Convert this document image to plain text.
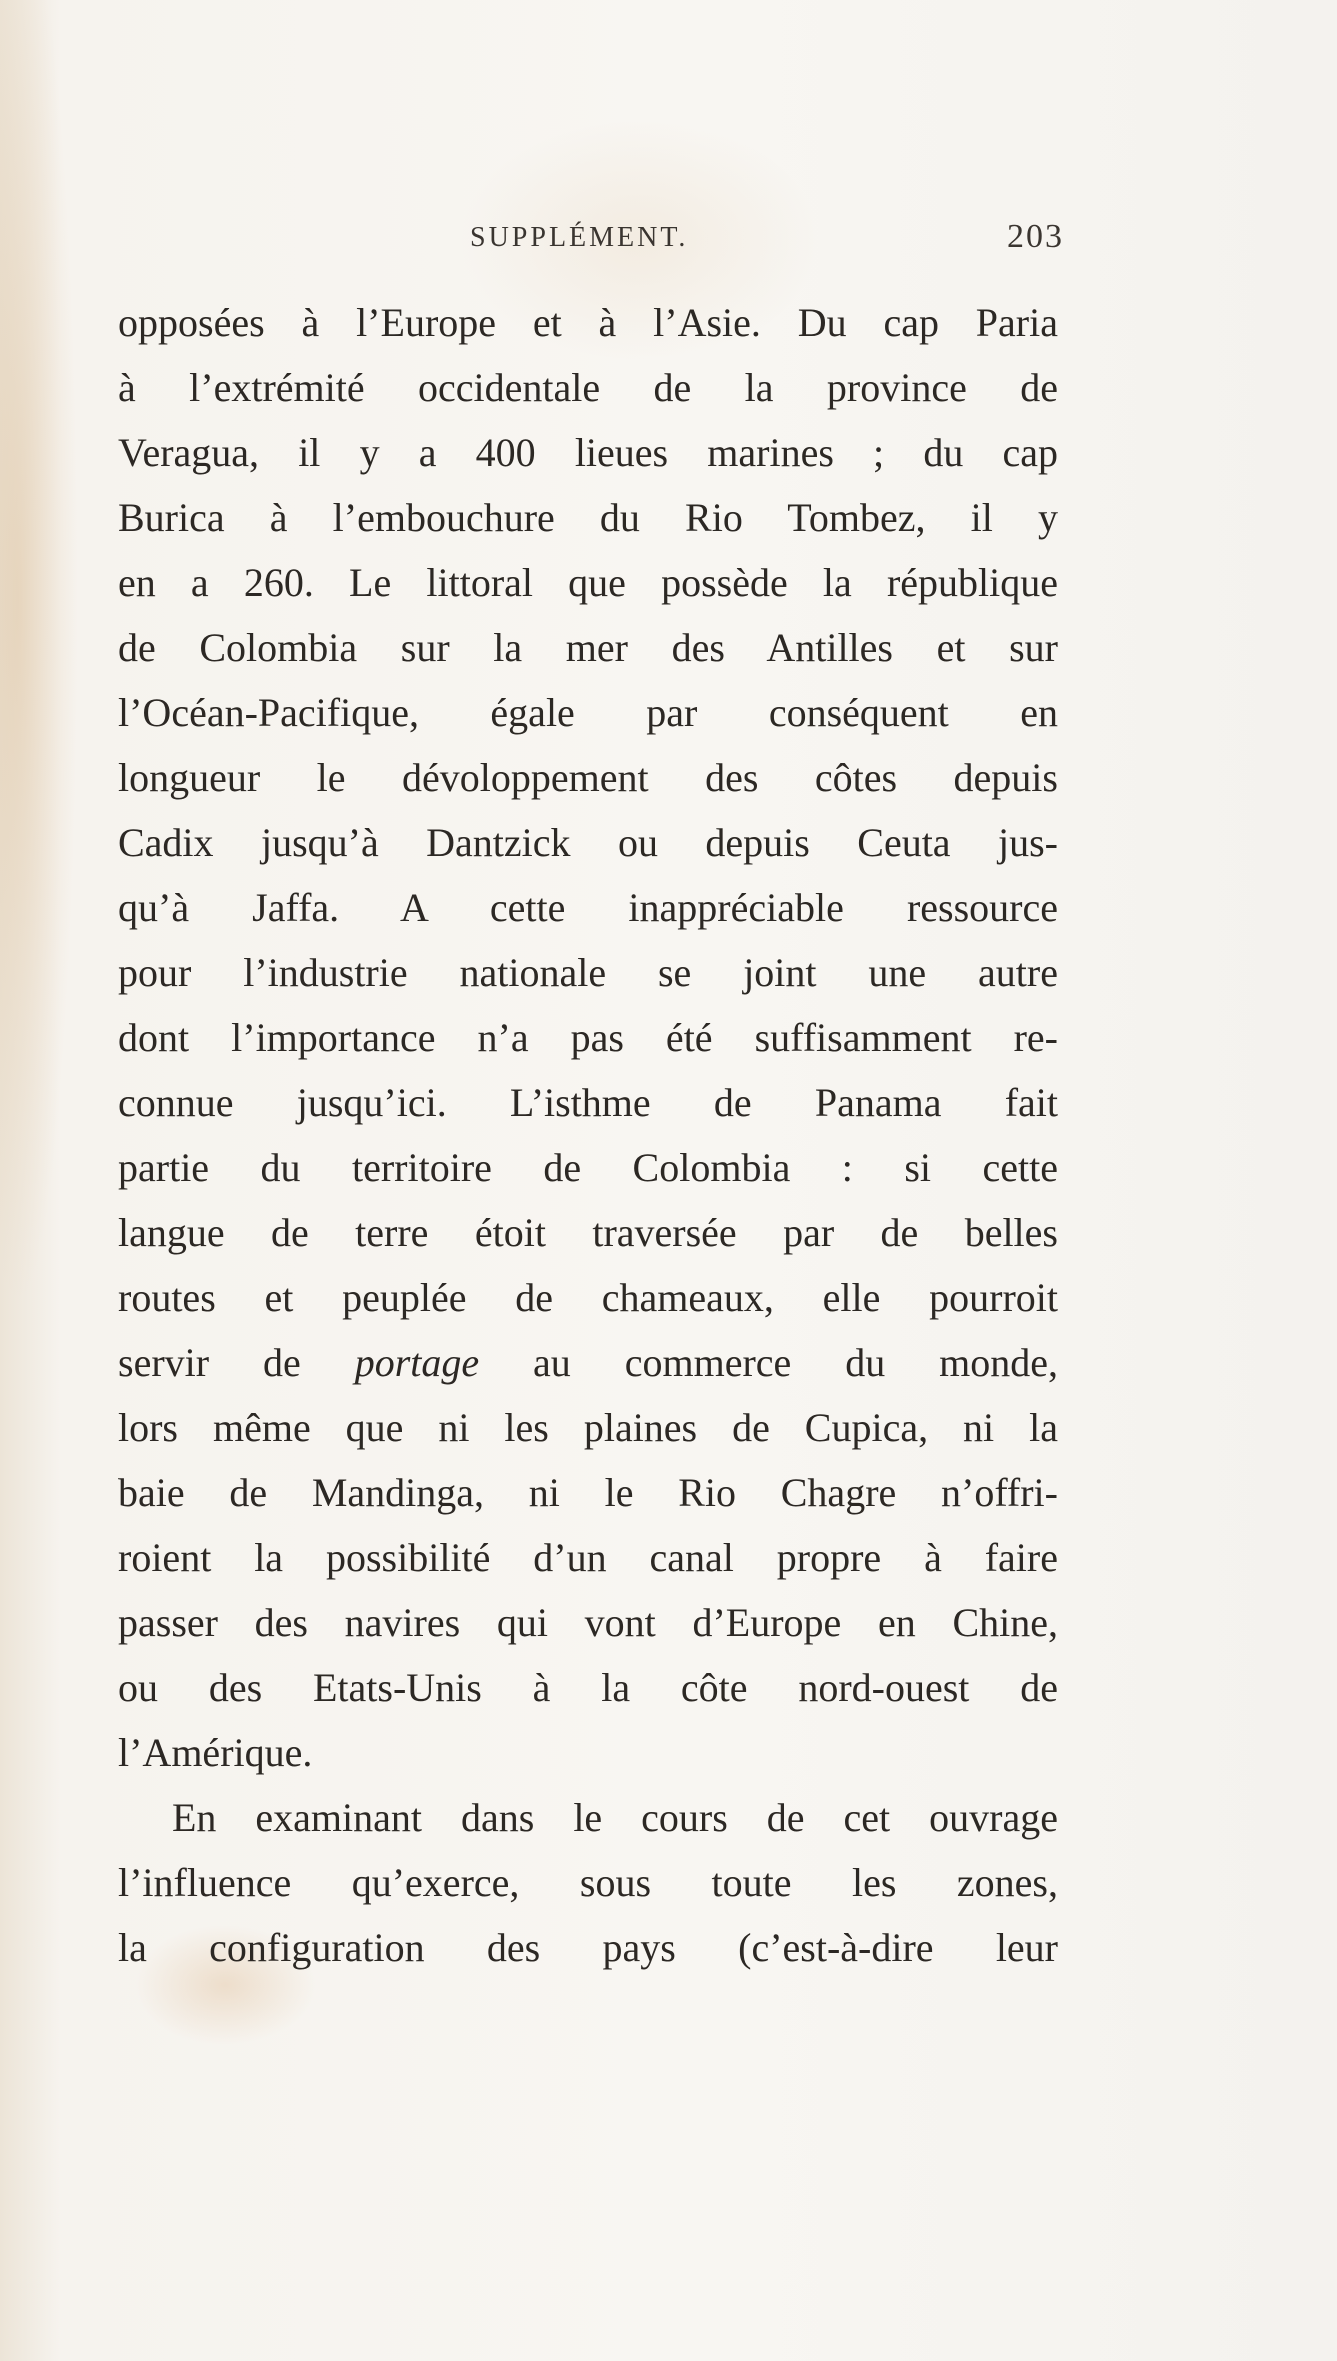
SUPPLÉMENT.	203
opposées à l’Europe et à l’Asie. Du cap Paria
à l’extrémité occidentale de la province de
Veragua, il y a 400 lieues marines ; du cap
Burica à l’embouchure du Rio Tombez, il y
en a 260. Le littoral que possède la république
de Colombia sur la mer des Antilles et sur
l’Océan-Pacifique, égale par conséquent en
longueur le dévoloppement des côtes depuis
Cadix jusqu’à Dantzick ou depuis Ceuta jus-
qu’à Jaffa. A cette inappréciable ressource
pour l’industrie nationale se joint une autre
dont l’importance n’a pas été suffisamment re-
connue jusqu’ici. L’isthme de Panama fait
partie du territoire de Colombia : si cette
langue de terre étoit traversée par de belles
routes et peuplée de chameaux, elle pourroit
servir de portage au commerce du monde,
lors même que ni les plaines de Cupica, ni la
baie de Mandinga, ni le Rio Chagre n’offri-
roient la possibilité d’un canal propre à faire
passer des navires qui vont d’Europe en Chine,
ou des Etats-Unis à la côte nord-ouest de
l’Amérique.
En examinant dans le cours de cet ouvrage
l’influence qu’exerce, sous toute les zones,
la configuration des pays (c’est-à-dire leur
